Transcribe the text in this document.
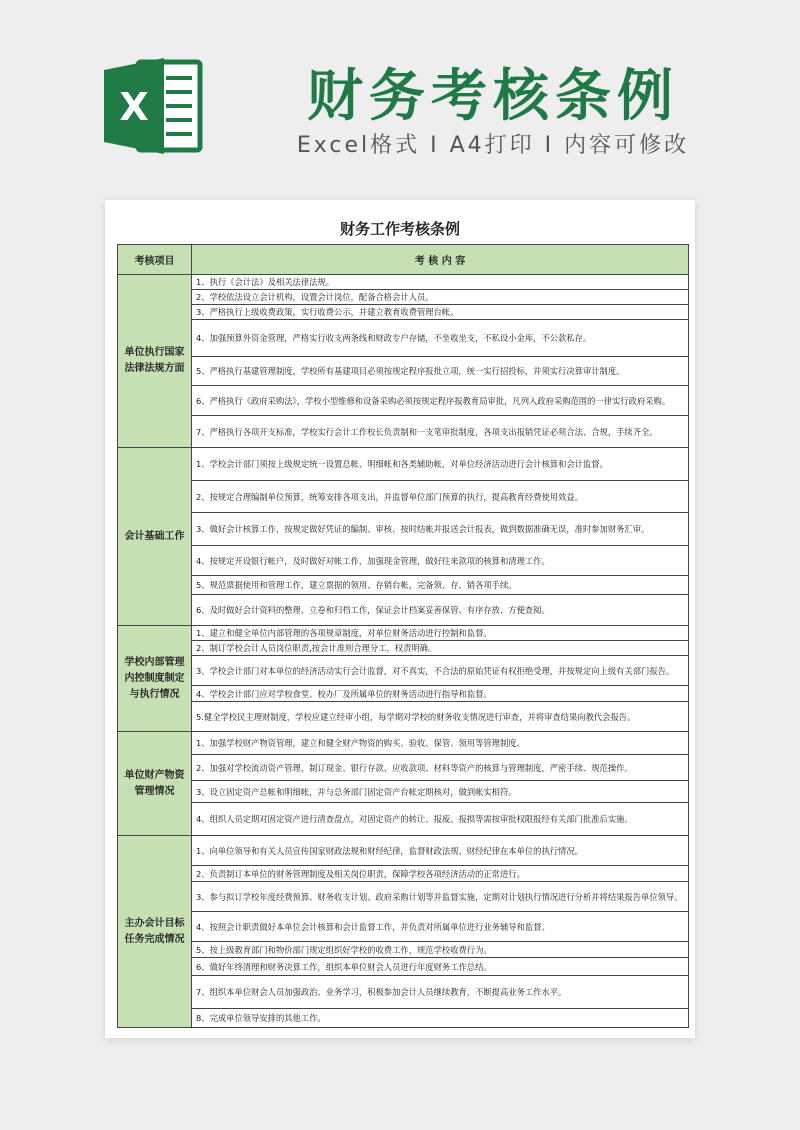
X	财务考核条例
Excel格式 I A4打印 I 内容可修改
财务工作考核条例
考核项目	考 核 内 容
单位执行国家法律法规方面	1、执行《会计法》及相关法律法规。
	2、学校依法设立会计机构，设置会计岗位，配备合格会计人员。
	3、严格执行上级收费政策，实行收费公示，并建立教育收费管理台帐。
	4、加强预算外资金管理，严格实行收支两条线和财政专户存储，不坐收坐支，不私设小金库，不公款私存。
	5、严格执行基建管理制度，学校所有基建项目必须按规定程序报批立项，统一实行招投标，并须实行决算审计制度。
	6、严格执行《政府采购法》，学校小型维修和设备采购必须按规定程序报教育局审批，凡列入政府采购范围的一律实行政府采购。
	7、严格执行各项开支标准，学校实行会计工作校长负责制和一支笔审批制度，各项支出报销凭证必须合法、合规，手续齐全。
会计基础工作	1、学校会计部门须按上级规定统一设置总帐、明细帐和各类辅助帐，对单位经济活动进行会计核算和会计监督。
	2、按规定合理编制单位预算，统筹安排各项支出，并监督单位部门预算的执行，提高教育经费使用效益。
	3、做好会计核算工作，按规定做好凭证的编制、审核、按时结帐并报送会计报表，做到数据准确无误，准时参加财务汇审。
	4、按规定开设银行帐户，及时做好对帐工作，加强现金管理，做好往来款项的核算和清理工作。
	5、规范票据使用和管理工作，建立票据的领用、存销台帐，完备领、存、销各项手续。
	6、及时做好会计资料的整理、立卷和归档工作，保证会计档案妥善保管、有序存放、方便查阅。
学校内部管理内控制度制定与执行情况	1、建立和健全单位内部管理的各项规章制度，对单位财务活动进行控制和监督。
	2、制订学校会计人员岗位职责,按会计准则合理分工，权责明确。
	3、学校会计部门对本单位的经济活动实行会计监督，对不真实，不合法的原始凭证有权拒绝受理，并按规定向上级有关部门报告。
	4、学校会计部门应对学校食堂、校办厂及所属单位的财务活动进行指导和监督。
	5.健全学校民主理财制度，学校应建立经审小组，每学期对学校的财务收支情况进行审查，并将审查结果向教代会报告。
单位财产物资管理情况	1、加强学校财产物资管理，建立和健全财产物资的购买、验收、保管、领用等管理制度。
	2、加强对学校流动资产管理，制订现金、银行存款、应收款项、材料等资产的核算与管理制度，严密手续、规范操作。
	3、设立固定资产总帐和明细帐，并与总务部门固定资产台帐定期核对，做到帐实相符。
	4、组织人员定期对固定资产进行清查盘点，对固定资产的转让、报废、报损等需按审批权限报经有关部门批准后实施。
主办会计目标任务完成情况	1、向单位领导和有关人员宣传国家财政法规和财经纪律，监督财政法规、财经纪律在本单位的执行情况。
	2、负责制订本单位的财务管理制度及相关岗位职责，保障学校各项经济活动的正常进行。
	3、参与拟订学校年度经费预算、财务收支计划、政府采购计划等并监督实施，定期对计划执行情况进行分析并将结果报告单位领导。
	4、按照会计职责做好本单位会计核算和会计监督工作，并负责对所属单位进行业务辅导和监督。
	5、按上级教育部门和物价部门规定组织好学校的收费工作，规范学校收费行为。
	6、做好年终清理和财务决算工作，组织本单位财会人员进行年度财务工作总结。
	7、组织本单位财会人员加强政治、业务学习，积极参加会计人员继续教育，不断提高业务工作水平。
	8、完成单位领导安排的其他工作。
